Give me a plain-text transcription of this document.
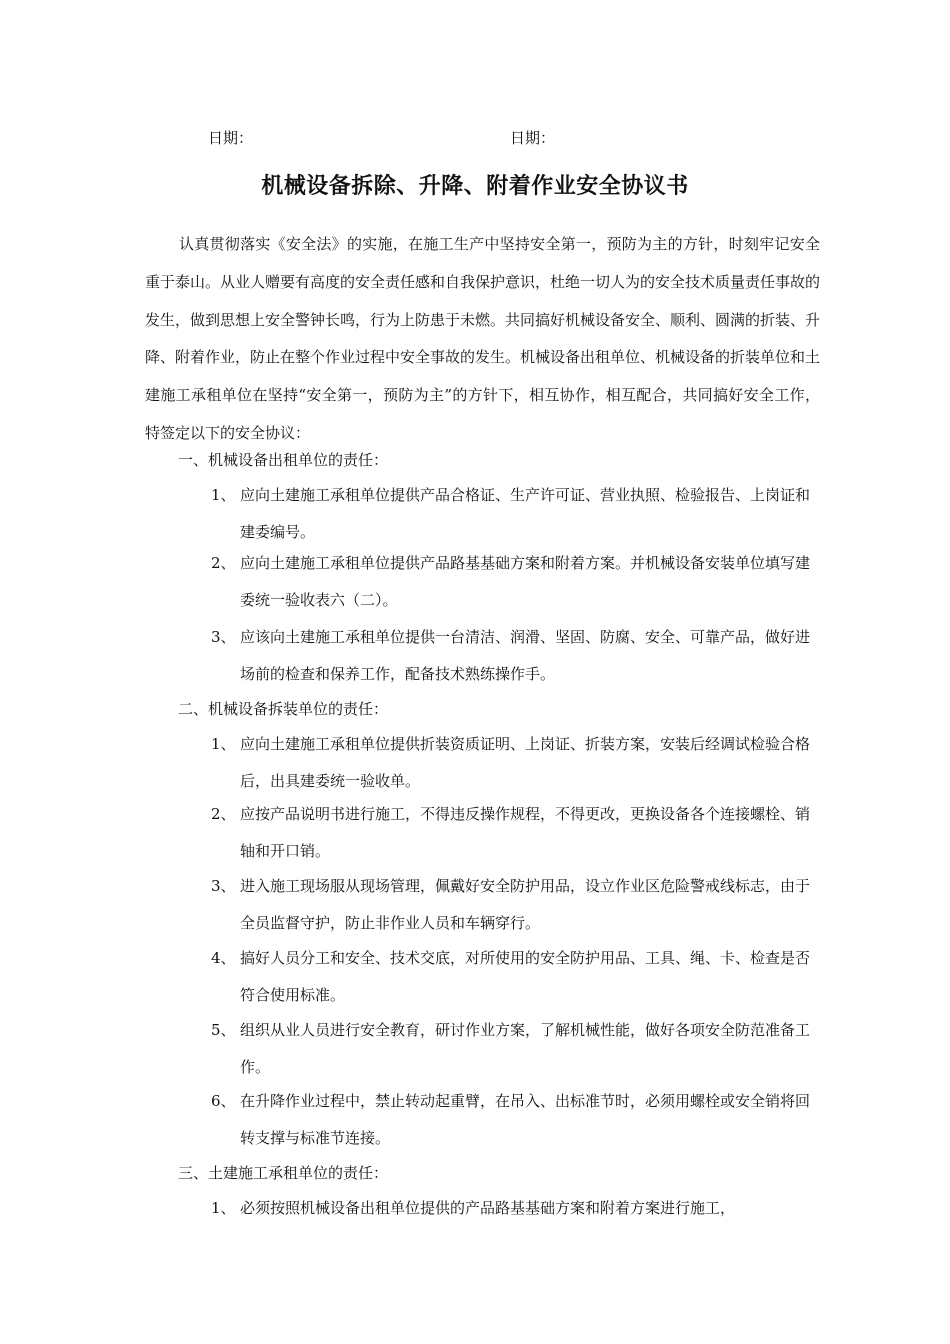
日期：	日期：
机械设备拆除、升降、附着作业安全协议书

认真贯彻落实《安全法》的实施，在施工生产中坚持安全第一，预防为主的方针，时刻牢记安全重于泰山。从业人赠要有高度的安全责任感和自我保护意识，杜绝一切人为的安全技术质量责任事故的发生，做到思想上安全警钟长鸣，行为上防患于未燃。共同搞好机械设备安全、顺利、圆满的折装、升降、附着作业，防止在整个作业过程中安全事故的发生。机械设备出租单位、机械设备的折装单位和土建施工承租单位在坚持“安全第一，预防为主”的方针下，相互协作，相互配合，共同搞好安全工作，特签定以下的安全协议：

一、机械设备出租单位的责任：
1、 应向土建施工承租单位提供产品合格证、生产许可证、营业执照、检验报告、上岗证和建委编号。
2、 应向土建施工承租单位提供产品路基基础方案和附着方案。并机械设备安装单位填写建委统一验收表六（二）。
3、 应该向土建施工承租单位提供一台清洁、润滑、坚固、防腐、安全、可靠产品，做好进场前的检查和保养工作，配备技术熟练操作手。
二、机械设备拆装单位的责任：
1、 应向土建施工承租单位提供折装资质证明、上岗证、折装方案，安装后经调试检验合格后，出具建委统一验收单。
2、 应按产品说明书进行施工，不得违反操作规程，不得更改，更换设备各个连接螺栓、销轴和开口销。
3、 进入施工现场服从现场管理，佩戴好安全防护用品，设立作业区危险警戒线标志，由于全员监督守护，防止非作业人员和车辆穿行。
4、 搞好人员分工和安全、技术交底，对所使用的安全防护用品、工具、绳、卡、检查是否符合使用标准。
5、 组织从业人员进行安全教育，研讨作业方案，了解机械性能，做好各项安全防范准备工作。
6、 在升降作业过程中，禁止转动起重臂，在吊入、出标准节时，必须用螺栓或安全销将回转支撑与标准节连接。
三、土建施工承租单位的责任：
1、 必须按照机械设备出租单位提供的产品路基基础方案和附着方案进行施工，
